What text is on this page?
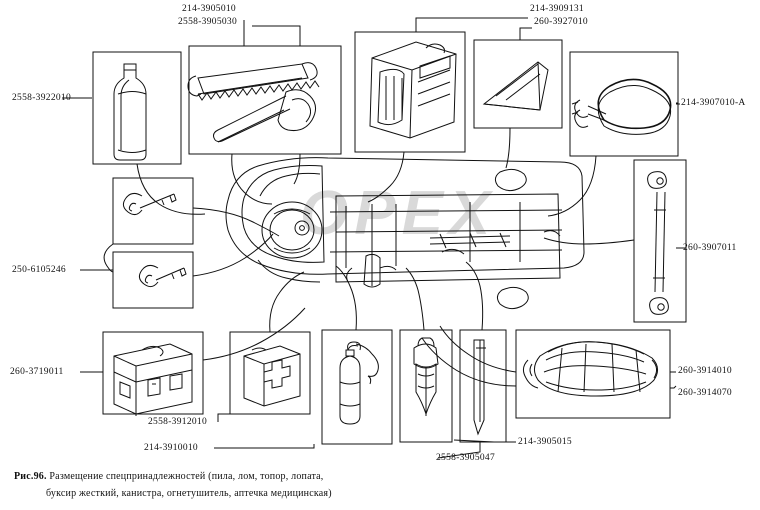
OPEX
214-3905010
2558-3905030
214-3909131
260-3927010
2558-3922010	214-3907010-A
260-3907011
250-6105246
260-3719011
2558-3912010
214-3910010
214-3905015
2558-3905047
260-3914010
260-3914070
Рис.96. Размещение спецпринадлежностей (пила, лом, топор, лопата,
буксир жесткий, канистра, огнетушитель, аптечка медицинская)
